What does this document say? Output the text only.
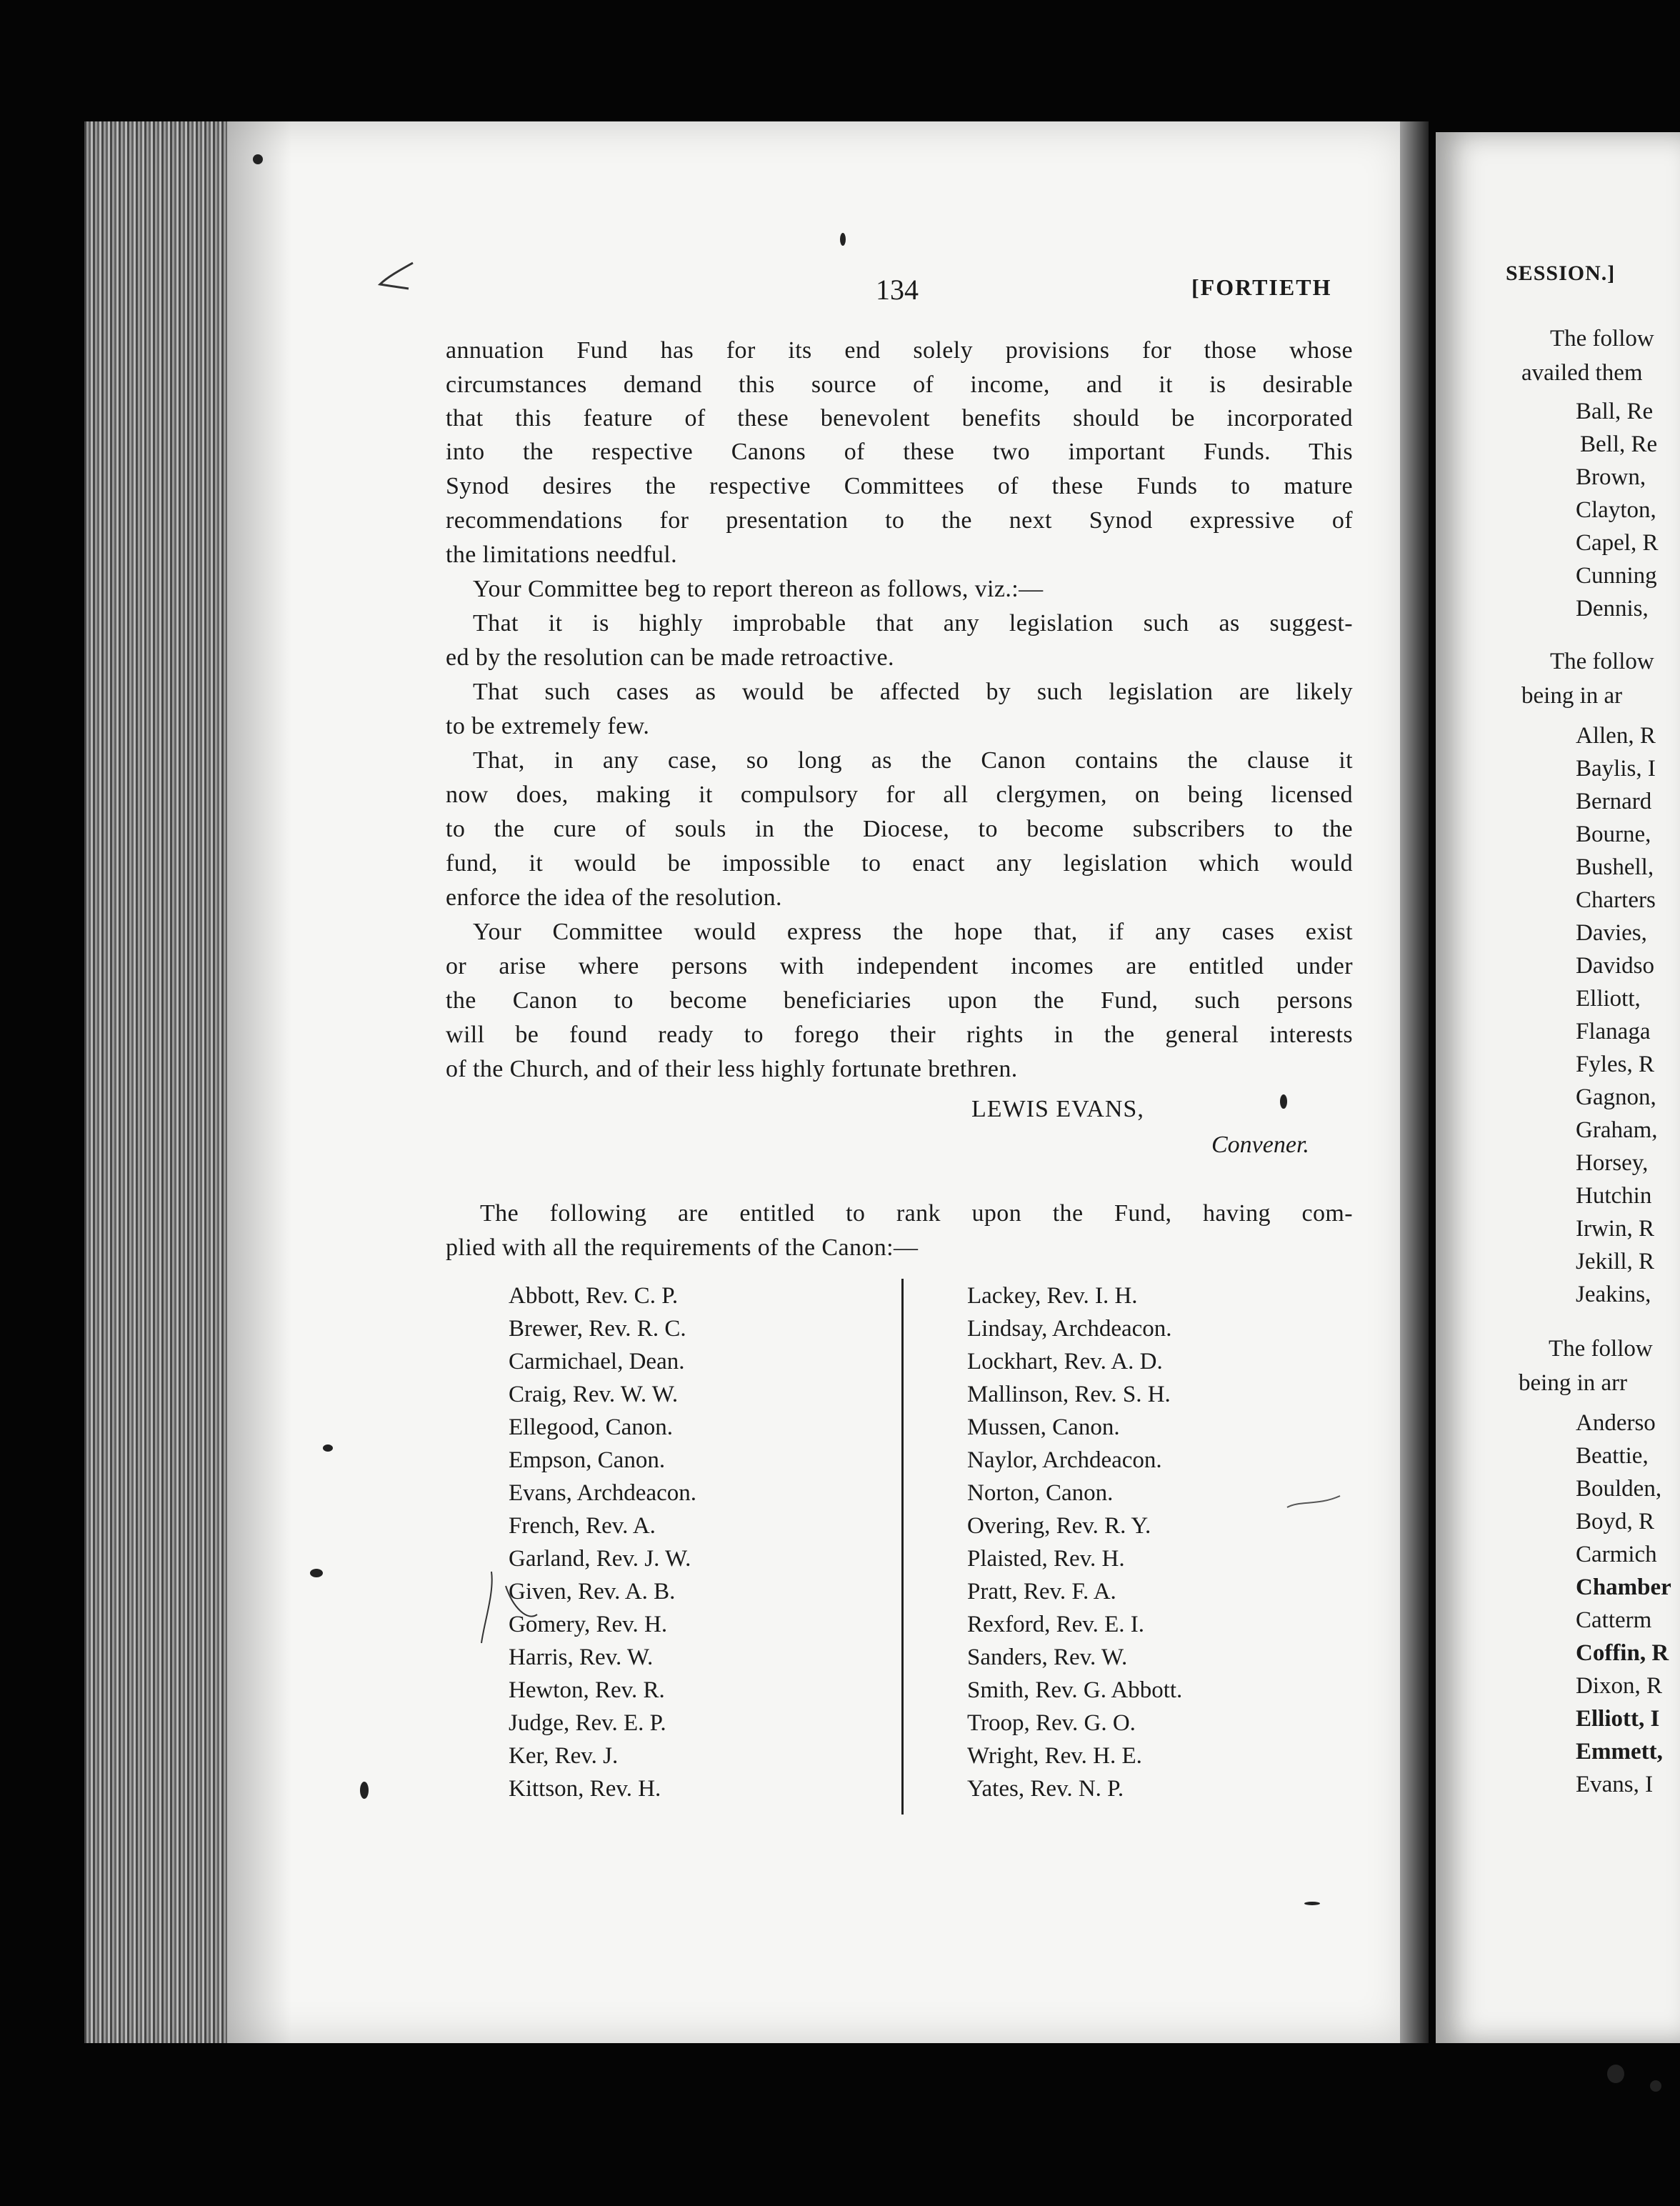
134	[FORTIETH
annuation Fund has for its end solely provisions for those whose
circumstances demand this source of income, and it is desirable
that this feature of these benevolent benefits should be incorporated
into the respective Canons of these two important Funds. This
Synod desires the respective Committees of these Funds to mature
recommendations for presentation to the next Synod expressive of
the limitations needful.
Your Committee beg to report thereon as follows, viz.:—
That it is highly improbable that any legislation such as suggest-
ed by the resolution can be made retroactive.
That such cases as would be affected by such legislation are likely
to be extremely few.
That, in any case, so long as the Canon contains the clause it
now does, making it compulsory for all clergymen, on being licensed
to the cure of souls in the Diocese, to become subscribers to the
fund, it would be impossible to enact any legislation which would
enforce the idea of the resolution.
Your Committee would express the hope that, if any cases exist
or arise where persons with independent incomes are entitled under
the Canon to become beneficiaries upon the Fund, such persons
will be found ready to forego their rights in the general interests
of the Church, and of their less highly fortunate brethren.
LEWIS EVANS,
Convener.
The following are entitled to rank upon the Fund, having com-
plied with all the requirements of the Canon:—
Abbott, Rev. C. P.
Brewer, Rev. R. C.
Carmichael, Dean.
Craig, Rev. W. W.
Ellegood, Canon.
Empson, Canon.
Evans, Archdeacon.
French, Rev. A.
Garland, Rev. J. W.
Given, Rev. A. B.
Gomery, Rev. H.
Harris, Rev. W.
Hewton, Rev. R.
Judge, Rev. E. P.
Ker, Rev. J.
Kittson, Rev. H.
Lackey, Rev. I. H.
Lindsay, Archdeacon.
Lockhart, Rev. A. D.
Mallinson, Rev. S. H.
Mussen, Canon.
Naylor, Archdeacon.
Norton, Canon.
Overing, Rev. R. Y.
Plaisted, Rev. H.
Pratt, Rev. F. A.
Rexford, Rev. E. I.
Sanders, Rev. W.
Smith, Rev. G. Abbott.
Troop, Rev. G. O.
Wright, Rev. H. E.
Yates, Rev. N. P.
SESSION.]
The follow
availed them
Ball, Re
Bell, Re
Brown,
Clayton,
Capel, R
Cunning
Dennis,
The follow
being in ar
Allen, R
Baylis, I
Bernard
Bourne,
Bushell,
Charters
Davies,
Davidso
Elliott,
Flanaga
Fyles, R
Gagnon,
Graham,
Horsey,
Hutchin
Irwin, R
Jekill, R
Jeakins,
The follow
being in arr
Anderso
Beattie,
Boulden,
Boyd, R
Carmich
Chamber
Catterm
Coffin, R
Dixon, R
Elliott, I
Emmett,
Evans, I
